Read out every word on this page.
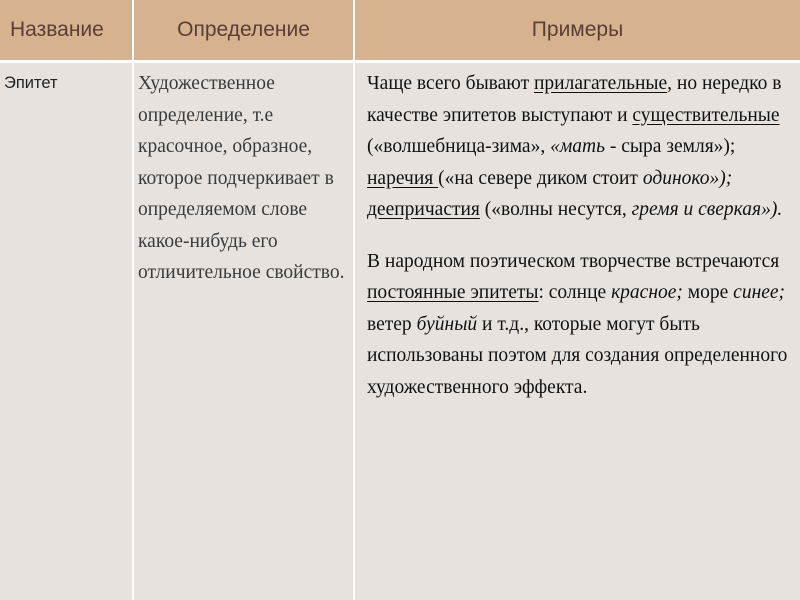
Название	Определение	Примеры
Эпитет	Художественное определение, т.е красочное, образное, которое подчеркивает в определяемом слове какое-нибудь его отличительное свойство.	Чаще всего бывают прилагательные, но нередко в качестве эпитетов выступают и существительные («волшебница-зима», «мать - сыра земля»); наречия («на севере диком стоит одиноко»); деепричастия («волны несутся, гремя и сверкая»).

В народном поэтическом творчестве встречаются постоянные эпитеты: солнце красное; море синее; ветер буйный и т.д., которые могут быть использованы поэтом для создания определенного художественного эффекта.
